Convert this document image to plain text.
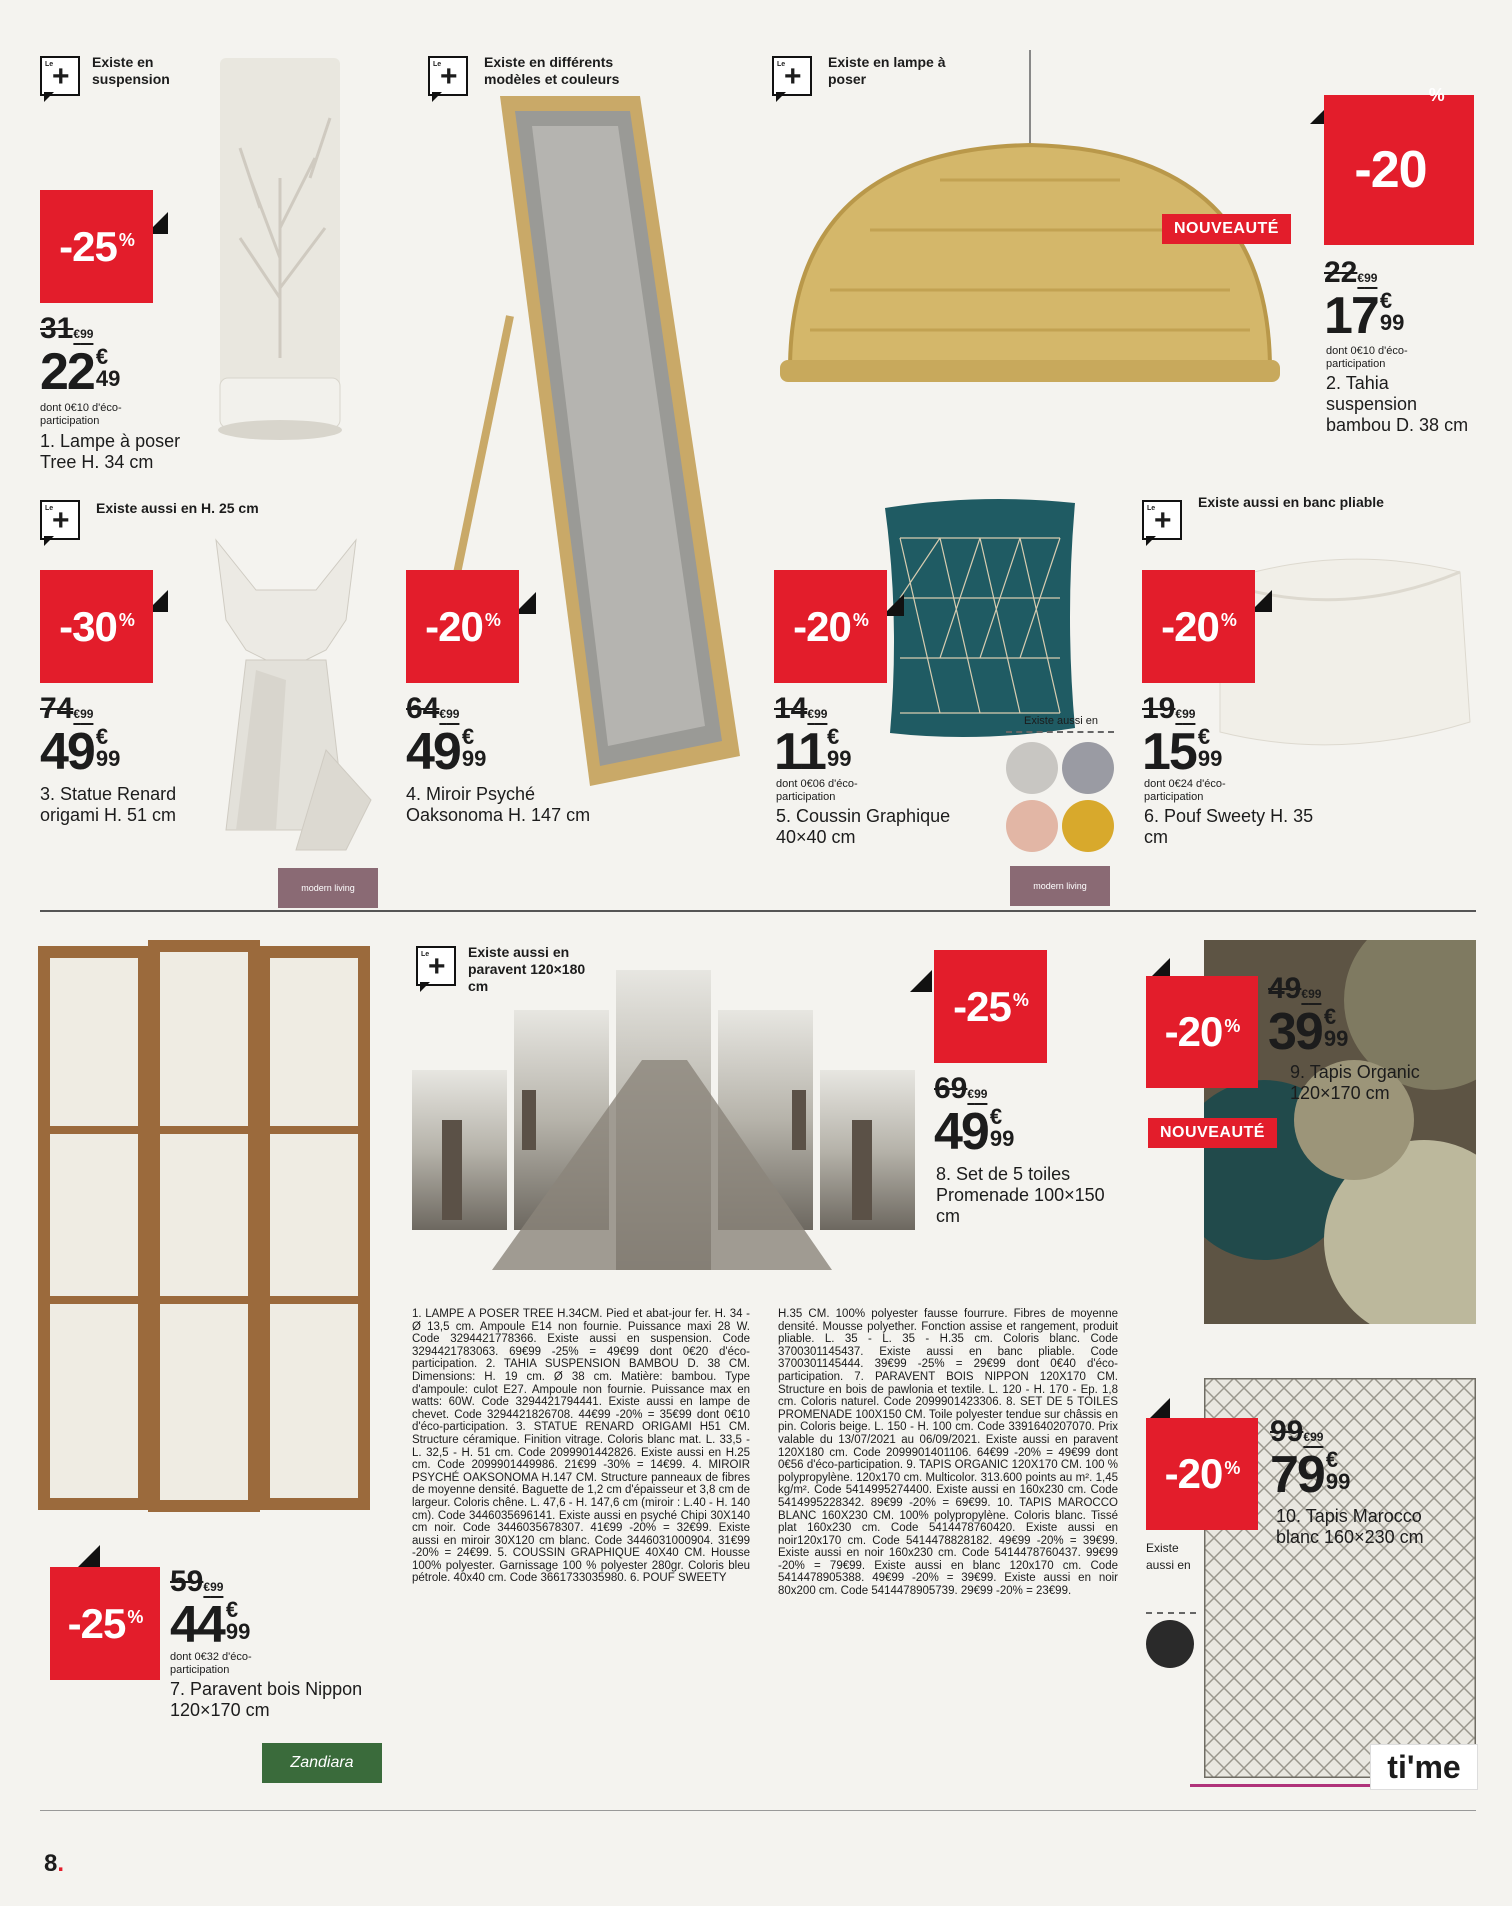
Le
+ Existe en suspension
-25 %
31€99
22€
49
dont 0€10 d'éco-participation
1. Lampe à poser Tree H. 34 cm
Le
+ Existe en différents modèles et couleurs
-20 %
64€99
49€
99
4. Miroir Psyché Oaksonoma H. 147 cm
Le
+ Existe en lampe à poser
NOUVEAUTÉ
-20
%
22€99
17€
99
dont 0€10 d'éco-participation
2. Tahia suspension bambou D. 38 cm
Le
+ Existe aussi en H. 25 cm
-30 %
74€99
49€
99
3. Statue Renard origami H. 51 cm
modern living
-20 %
14€99
11€
99
dont 0€06 d'éco-participation
5. Coussin Graphique 40×40 cm
Existe aussi en
modern living
Le
+
Existe aussi en banc pliable
-20 %
19€99
15€
99
dont 0€24 d'éco-participation
6. Pouf Sweety H. 35 cm
-25 %
59€99
44€
99
dont 0€32 d'éco-participation
7. Paravent bois Nippon 120×170 cm
Zandiara
Le
+ Existe aussi en paravent 120×180 cm	-25 %
69€99
49€
99
8. Set de 5 toiles Promenade 100×150 cm
-20 %
49€99
39€
99
9. Tapis Organic 120×170 cm
NOUVEAUTÉ
-20 %
99€99
79€
99
10. Tapis Marocco blanc 160×230 cm
Existe aussi en
ti'me
1. LAMPE À POSER TREE H.34CM. Pied et abat-jour fer. H. 34 - Ø 13,5 cm. Ampoule E14 non fournie. Puissance maxi 28 W. Code 3294421778366. Existe aussi en suspension. Code 3294421783063. 69€99 -25% = 49€99 dont 0€20 d'éco-participation. 2. TAHIA SUSPENSION BAMBOU D. 38 CM. Dimensions: H. 19 cm. Ø 38 cm. Matière: bambou. Type d'ampoule: culot E27. Ampoule non fournie. Puissance max en watts: 60W. Code 3294421794441. Existe aussi en lampe de chevet. Code 3294421826708. 44€99 -20% = 35€99 dont 0€10 d'éco-participation. 3. STATUE RENARD ORIGAMI H51 CM. Structure céramique. Finition vitrage. Coloris blanc mat. L. 33,5 - L. 32,5 - H. 51 cm. Code 2099901442826. Existe aussi en H.25 cm. Code 2099901449986. 21€99 -30% = 14€99. 4. MIROIR PSYCHÉ OAKSONOMA H.147 CM. Structure panneaux de fibres de moyenne densité. Baguette de 1,2 cm d'épaisseur et 3,8 cm de largeur. Coloris chêne. L. 47,6 - H. 147,6 cm (miroir : L.40 - H. 140 cm). Code 3446035696141. Existe aussi en psyché Chipi 30X140 cm noir. Code 3446035678307. 41€99 -20% = 32€99. Existe aussi en miroir 30X120 cm blanc. Code 3446031000904. 31€99 -20% = 24€99. 5. COUSSIN GRAPHIQUE 40X40 CM. Housse 100% polyester. Garnissage 100 % polyester 280gr. Coloris bleu pétrole. 40x40 cm. Code 3661733035980. 6. POUF SWEETY
H.35 CM. 100% polyester fausse fourrure. Fibres de moyenne densité. Mousse polyether. Fonction assise et rangement, produit pliable. L. 35 - L. 35 - H.35 cm. Coloris blanc. Code 3700301145437. Existe aussi en banc pliable. Code 3700301145444. 39€99 -25% = 29€99 dont 0€40 d'éco-participation. 7. PARAVENT BOIS NIPPON 120X170 CM. Structure en bois de pawlonia et textile. L. 120 - H. 170 - Ep. 1,8 cm. Coloris naturel. Code 2099901423306. 8. SET DE 5 TOILES PROMENADE 100X150 CM. Toile polyester tendue sur châssis en pin. Coloris beige. L. 150 - H. 100 cm. Code 3391640207070. Prix valable du 13/07/2021 au 06/09/2021. Existe aussi en paravent 120X180 cm. Code 2099901401106. 64€99 -20% = 49€99 dont 0€56 d'éco-participation. 9. TAPIS ORGANIC 120X170 CM. 100 % polypropylène. 120x170 cm. Multicolor. 313.600 points au m². 1,45 kg/m². Code 5414995274400. Existe aussi en 160x230 cm. Code 5414995228342. 89€99 -20% = 69€99. 10. TAPIS MAROCCO BLANC 160X230 CM. 100% polypropylène. Coloris blanc. Tissé plat 160x230 cm. Code 5414478760420. Existe aussi en noir120x170 cm. Code 5414478828182. 49€99 -20% = 39€99. Existe aussi en noir 160x230 cm. Code 5414478760437. 99€99 -20% = 79€99. Existe aussi en blanc 120x170 cm. Code 5414478905388. 49€99 -20% = 39€99. Existe aussi en noir 80x200 cm. Code 5414478905739. 29€99 -20% = 23€99.
8.
